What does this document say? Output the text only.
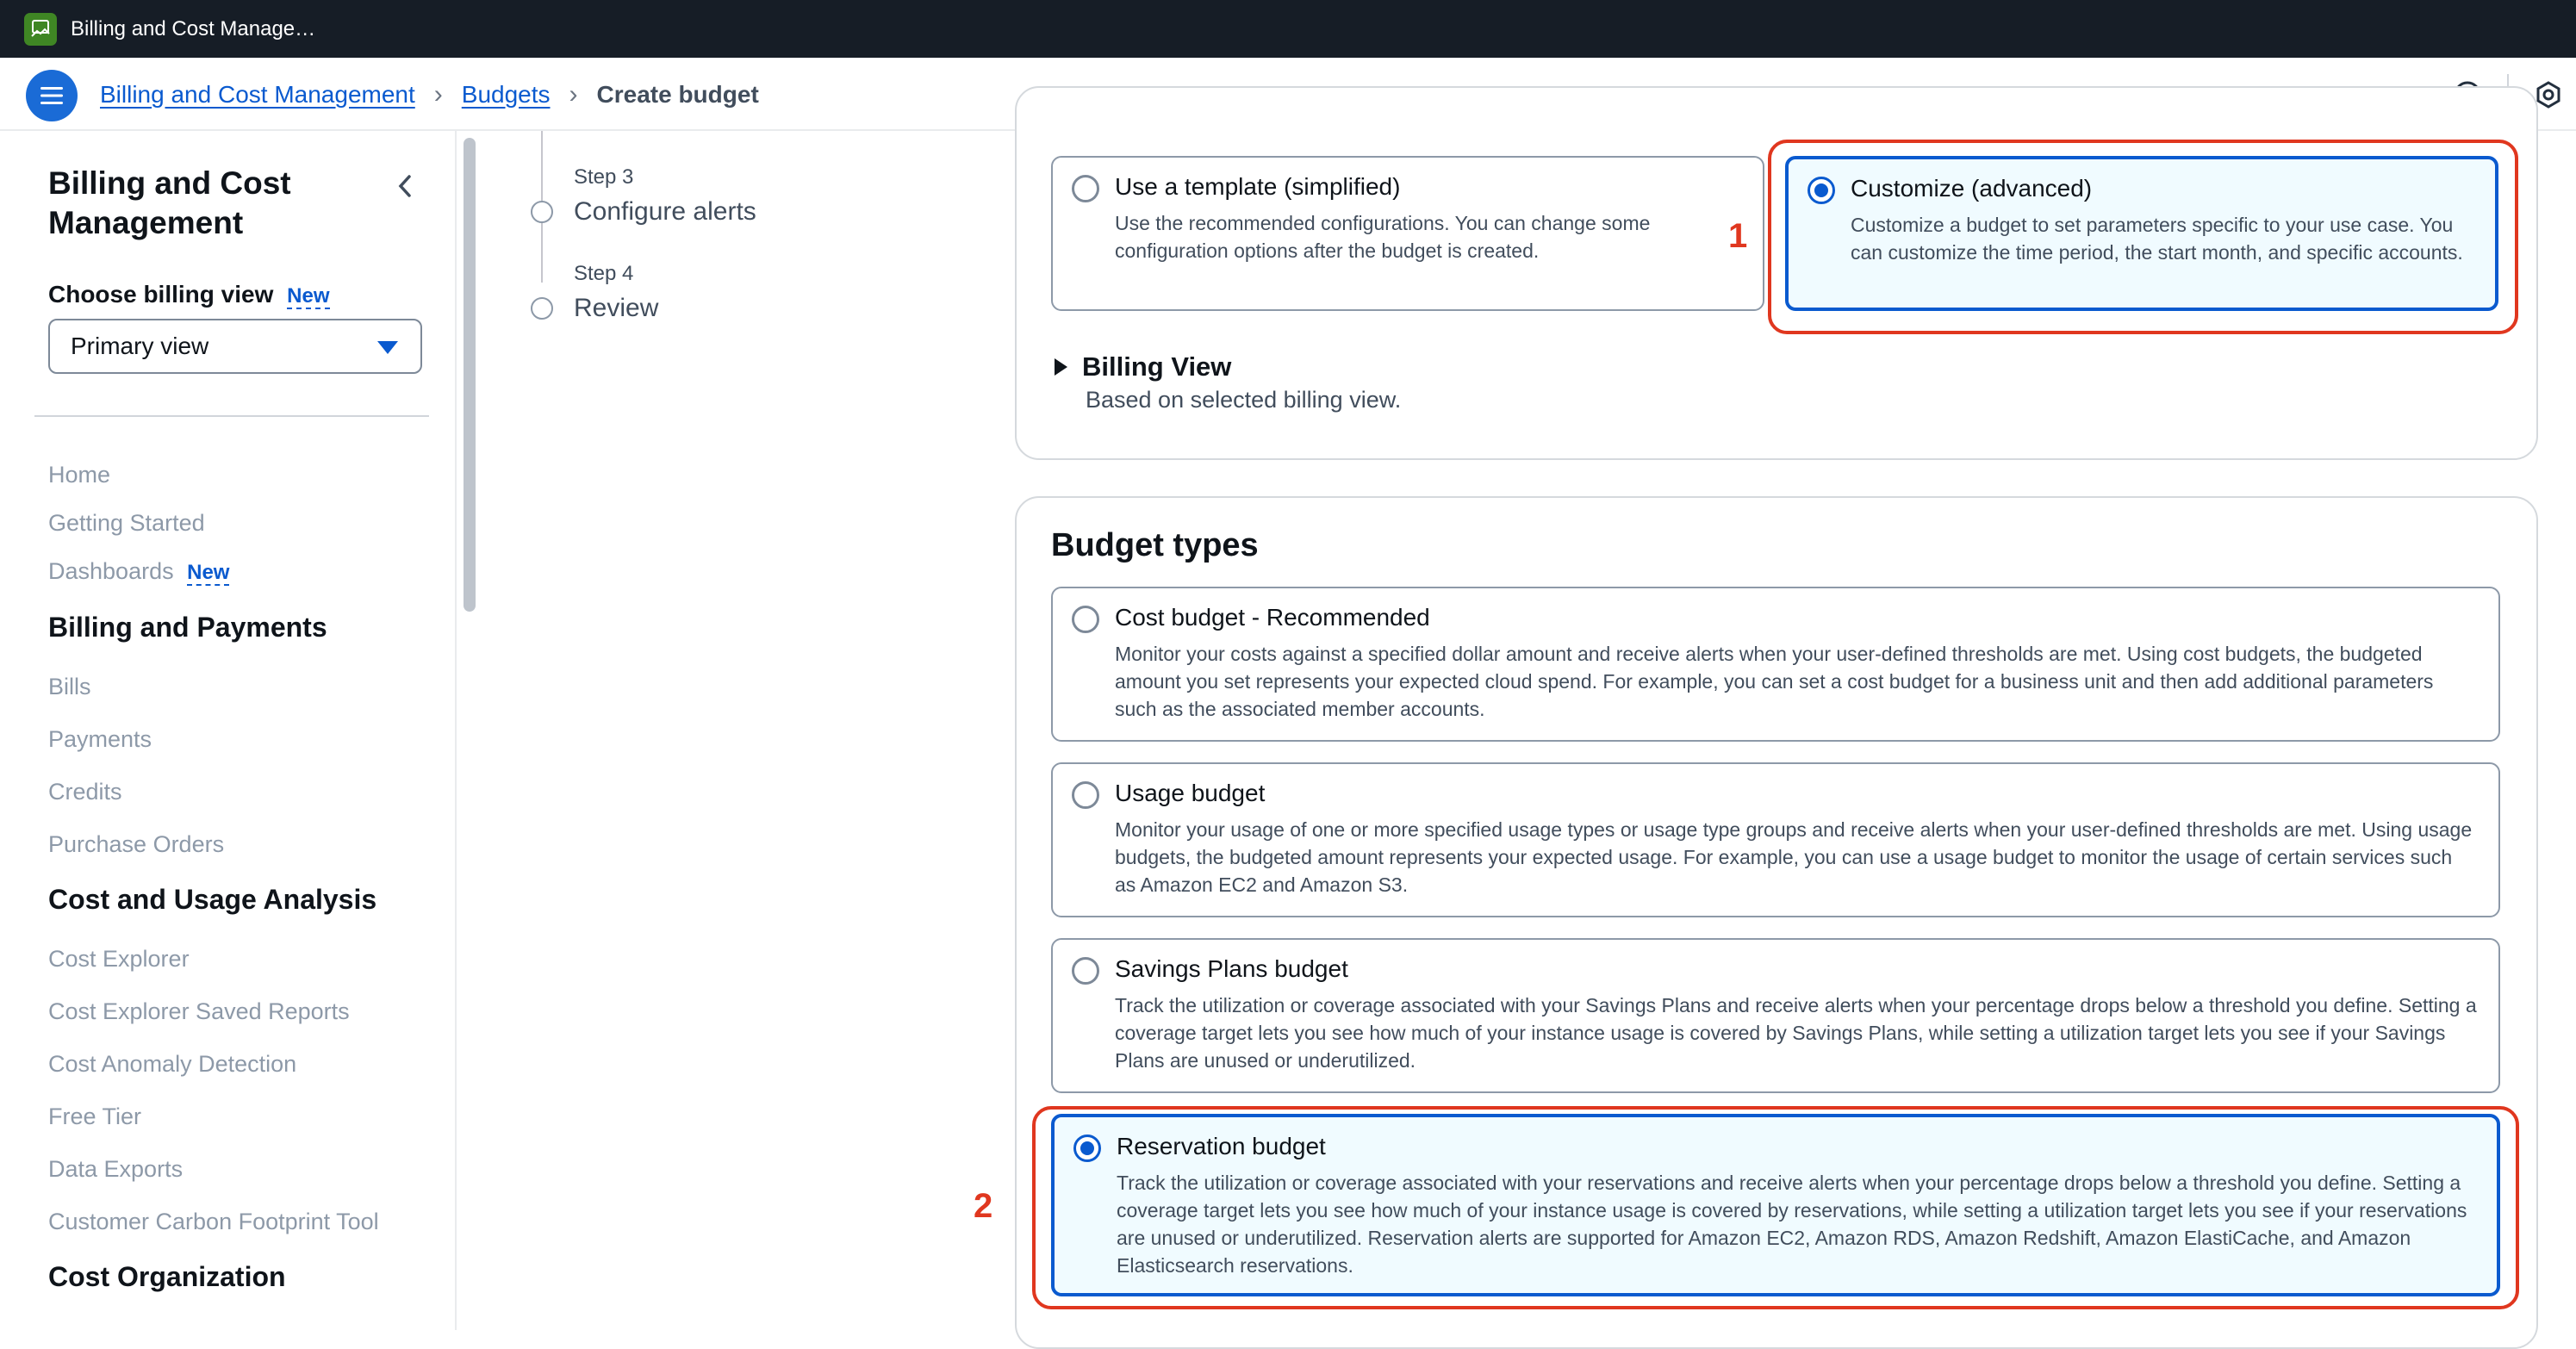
Billing and Cost Manage…
Billing and Cost Management › Budgets › Create budget
Billing and Cost Management
Choose billing view New
Primary view
Home
Getting Started
Dashboards New
Billing and Payments
Bills
Payments
Credits
Purchase Orders
Cost and Usage Analysis
Cost Explorer
Cost Explorer Saved Reports
Cost Anomaly Detection
Free Tier
Data Exports
Customer Carbon Footprint Tool
Cost Organization
Step 3
Configure alerts
Step 4
Review
Use a template (simplified)
Use the recommended configurations. You can change some configuration options after the budget is created.
Customize (advanced)
Customize a budget to set parameters specific to your use case. You can customize the time period, the start month, and specific accounts.
1
Billing View
Based on selected billing view.
Budget types
Cost budget - Recommended
Monitor your costs against a specified dollar amount and receive alerts when your user-defined thresholds are met. Using cost budgets, the budgeted amount you set represents your expected cloud spend. For example, you can set a cost budget for a business unit and then add additional parameters such as the associated member accounts.
Usage budget
Monitor your usage of one or more specified usage types or usage type groups and receive alerts when your user-defined thresholds are met. Using usage budgets, the budgeted amount represents your expected usage. For example, you can use a usage budget to monitor the usage of certain services such as Amazon EC2 and Amazon S3.
Savings Plans budget
Track the utilization or coverage associated with your Savings Plans and receive alerts when your percentage drops below a threshold you define. Setting a coverage target lets you see how much of your instance usage is covered by Savings Plans, while setting a utilization target lets you see if your Savings Plans are unused or underutilized.
Reservation budget
Track the utilization or coverage associated with your reservations and receive alerts when your percentage drops below a threshold you define. Setting a coverage target lets you see how much of your instance usage is covered by reservations, while setting a utilization target lets you see if your reservations are unused or underutilized. Reservation alerts are supported for Amazon EC2, Amazon RDS, Amazon Redshift, Amazon ElastiCache, and Amazon Elasticsearch reservations.
2
